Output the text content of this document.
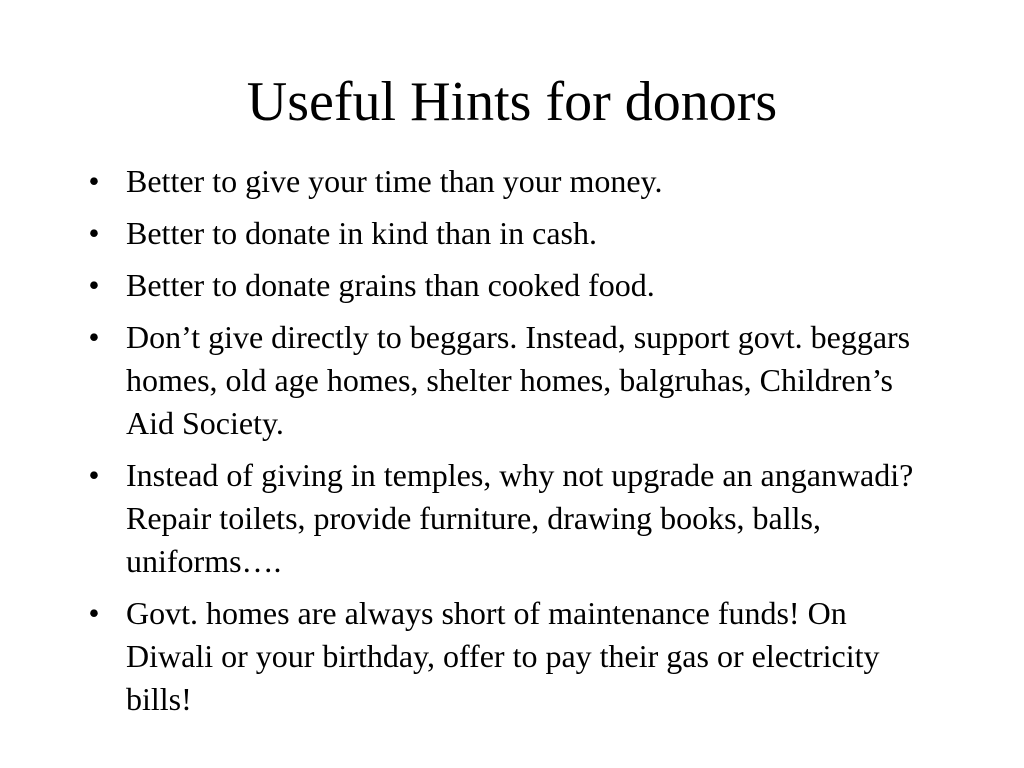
Useful Hints for donors
• Better to give your time than your money.
• Better to donate in kind than in cash.
• Better to donate grains than cooked food.
• Don’t give directly to beggars. Instead, support govt. beggars homes, old age homes, shelter homes, balgruhas, Children’s Aid Society.
• Instead of giving in temples, why not upgrade an anganwadi? Repair toilets, provide furniture, drawing books, balls, uniforms….
• Govt. homes are always short of maintenance funds! On Diwali or your birthday, offer to pay their gas or electricity bills!
